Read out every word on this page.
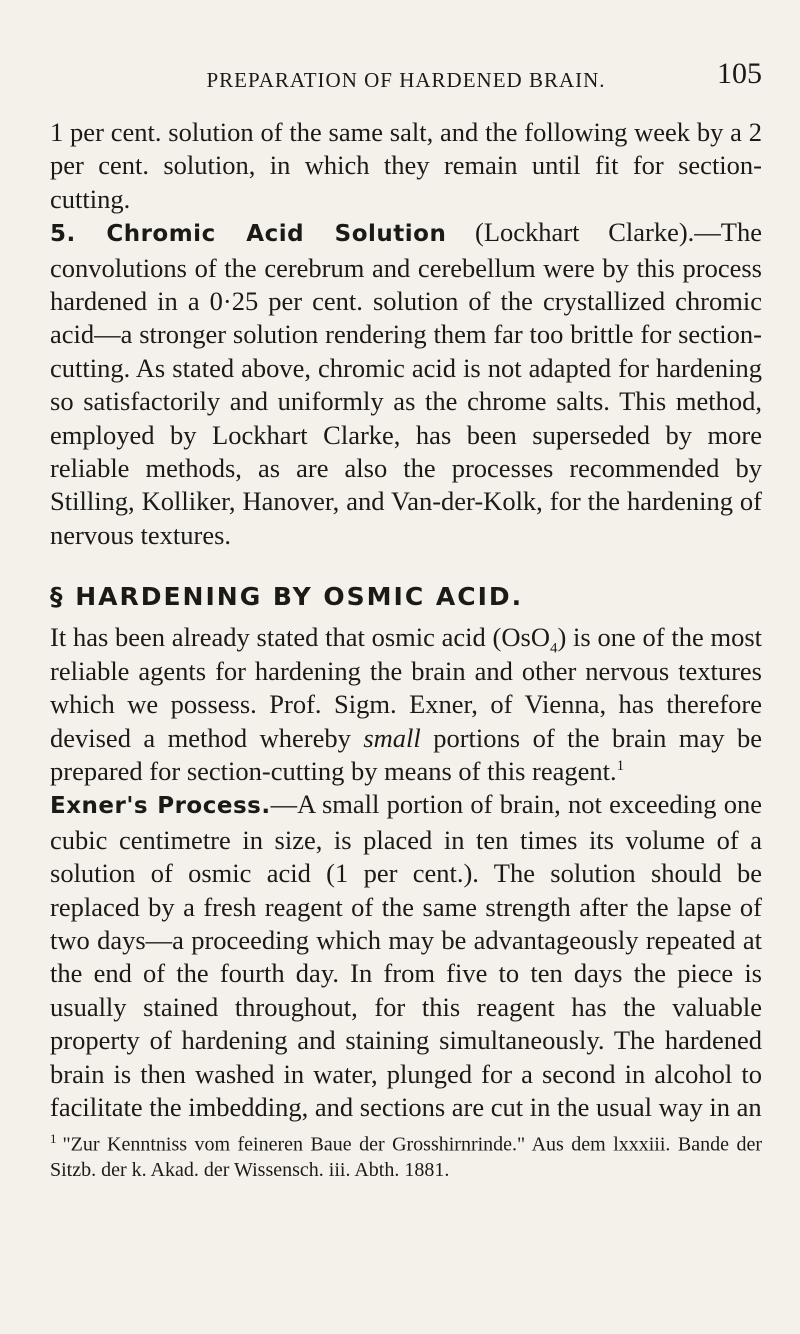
PREPARATION OF HARDENED BRAIN.	105

1 per cent. solution of the same salt, and the following week by a 2 per cent. solution, in which they remain until fit for section-cutting.

5. Chromic Acid Solution (Lockhart Clarke).—The convolutions of the cerebrum and cerebellum were by this process hardened in a 0·25 per cent. solution of the crystallized chromic acid—a stronger solution rendering them far too brittle for section-cutting. As stated above, chromic acid is not adapted for hardening so satisfactorily and uniformly as the chrome salts. This method, employed by Lockhart Clarke, has been superseded by more reliable methods, as are also the processes recommended by Stilling, Kolliker, Hanover, and Van-der-Kolk, for the hardening of nervous textures.

§ HARDENING BY OSMIC ACID.

It has been already stated that osmic acid (OsO$_4$) is one of the most reliable agents for hardening the brain and other nervous textures which we possess. Prof. Sigm. Exner, of Vienna, has therefore devised a method whereby small portions of the brain may be prepared for section-cutting by means of this reagent.$^1$

Exner's Process.—A small portion of brain, not exceeding one cubic centimetre in size, is placed in ten times its volume of a solution of osmic acid (1 per cent.). The solution should be replaced by a fresh reagent of the same strength after the lapse of two days—a proceeding which may be advantageously repeated at the end of the fourth day. In from five to ten days the piece is usually stained throughout, for this reagent has the valuable property of hardening and staining simultaneously. The hardened brain is then washed in water, plunged for a second in alcohol to facilitate the imbedding, and sections are cut in the usual way in an

$^1$ "Zur Kenntniss vom feineren Baue der Grosshirnrinde." Aus dem lxxxiii. Bande der Sitzb. der k. Akad. der Wissensch. iii. Abth. 1881.
